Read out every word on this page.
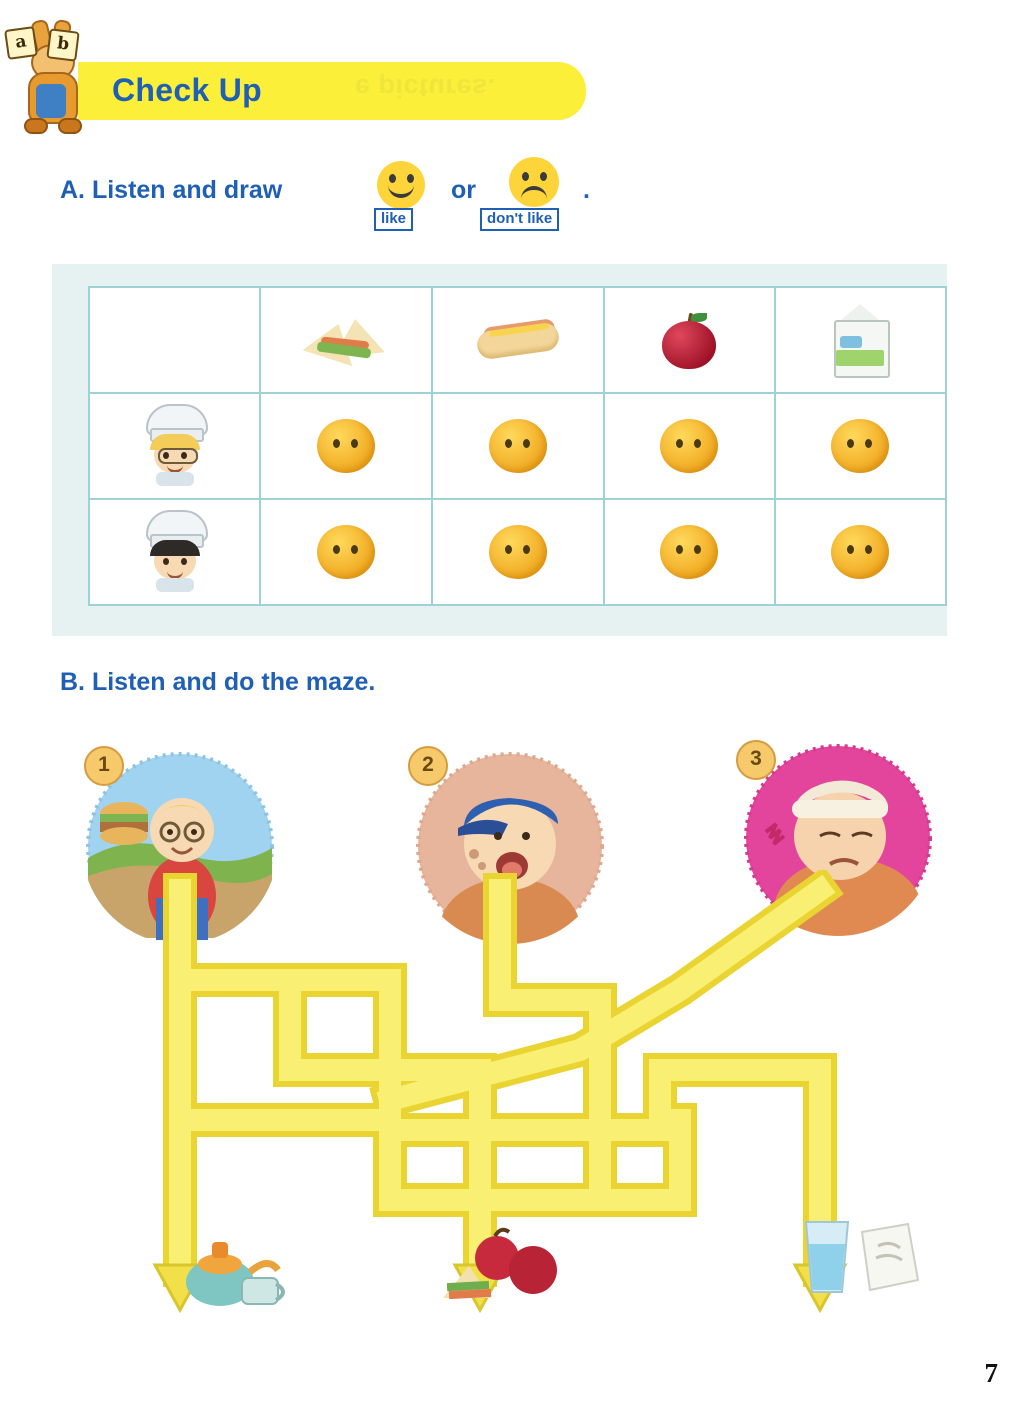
e pictures.
Check Up
a	b
A. Listen and draw	or	.
like	don't like

B. Listen and do the maze.
1	2	3
7
